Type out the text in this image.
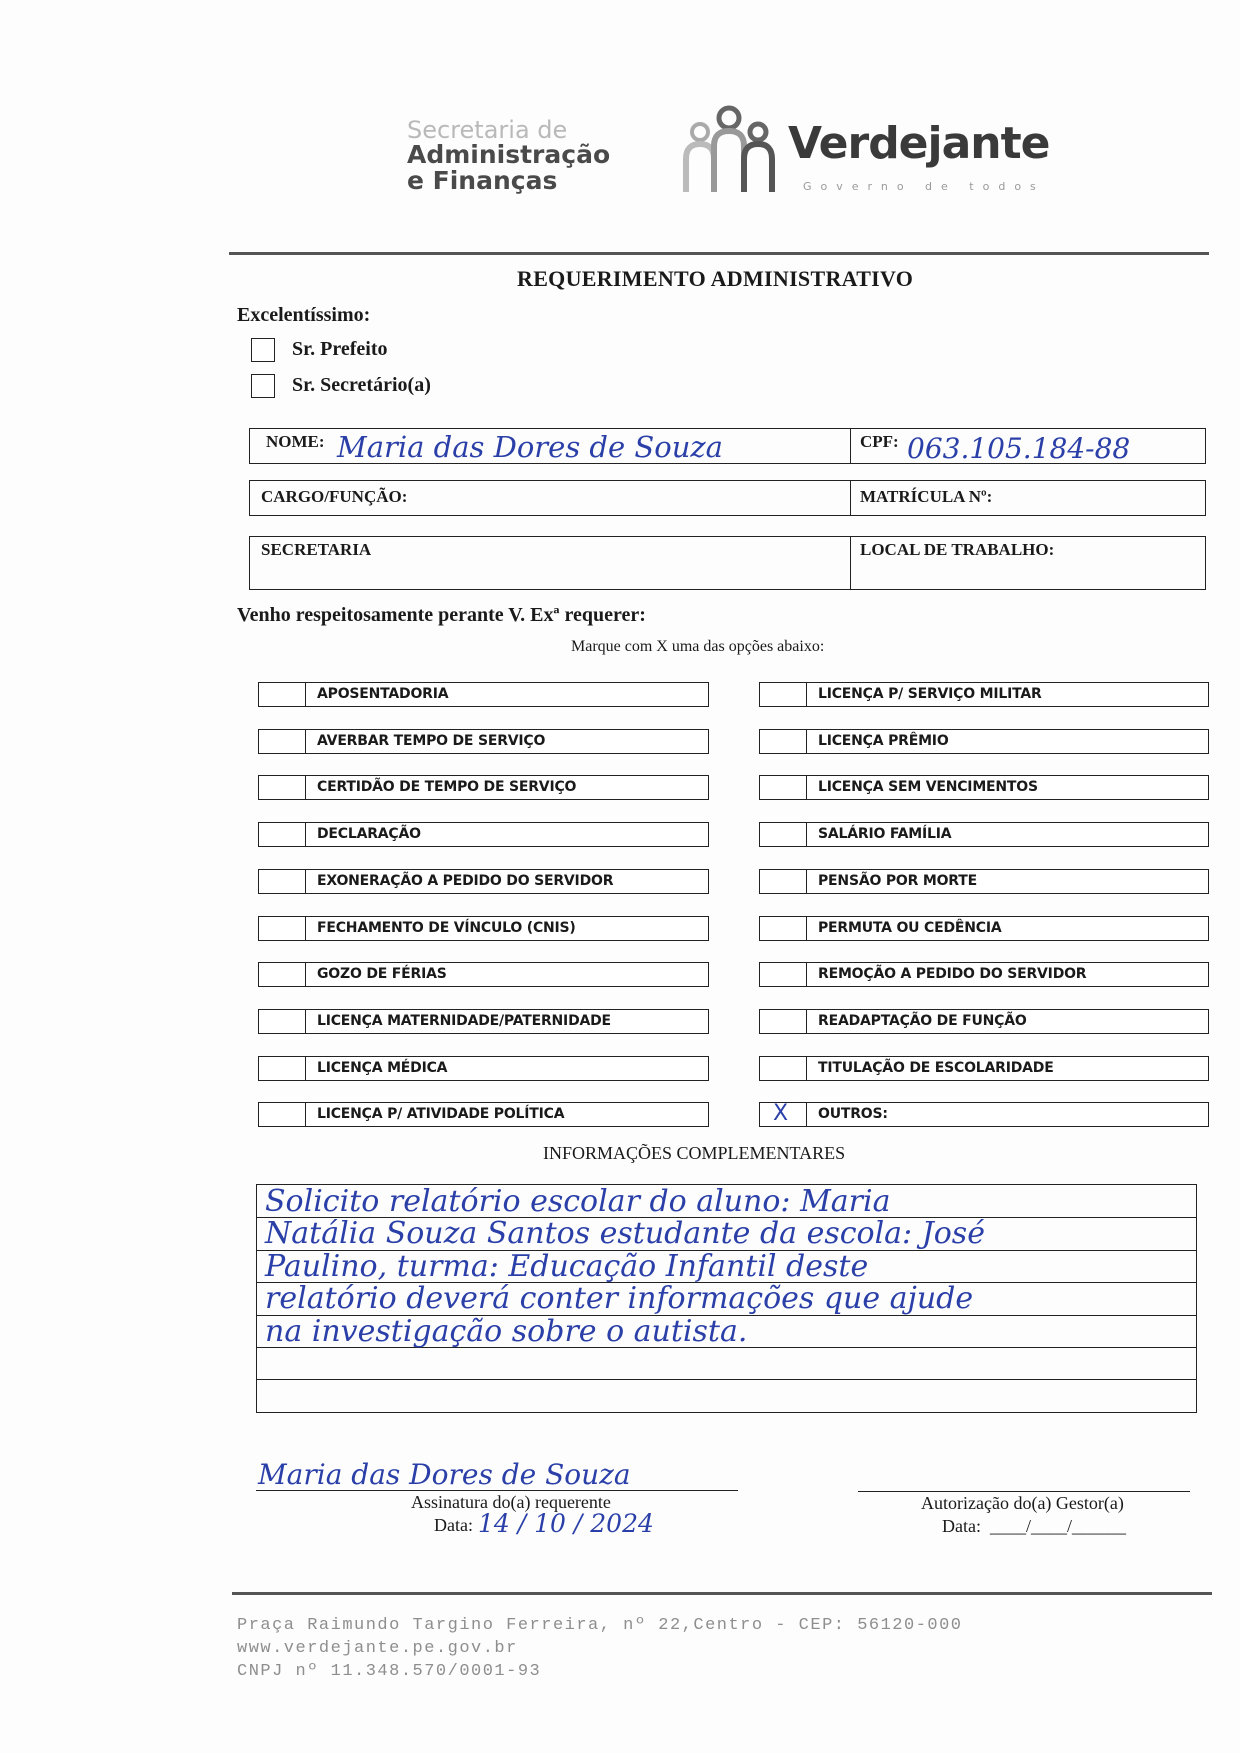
Secretaria de
Administração
e Finanças
Verdejante
Governo de todos
REQUERIMENTO ADMINISTRATIVO
Excelentíssimo:
Sr. Prefeito
Sr. Secretário(a)
NOME: Maria das Dores de Souza	CPF: 063.105.184-88
CARGO/FUNÇÃO:	MATRÍCULA Nº:
SECRETARIA	LOCAL DE TRABALHO:
Venho respeitosamente perante V. Exª requerer:
Marque com X uma das opções abaixo:
APOSENTADORIA
AVERBAR TEMPO DE SERVIÇO
CERTIDÃO DE TEMPO DE SERVIÇO
DECLARAÇÃO
EXONERAÇÃO A PEDIDO DO SERVIDOR
FECHAMENTO DE VÍNCULO (CNIS)
GOZO DE FÉRIAS
LICENÇA MATERNIDADE/PATERNIDADE
LICENÇA MÉDICA
LICENÇA P/ ATIVIDADE POLÍTICA
LICENÇA P/ SERVIÇO MILITAR
LICENÇA PRÊMIO
LICENÇA SEM VENCIMENTOS
SALÁRIO FAMÍLIA
PENSÃO POR MORTE
PERMUTA OU CEDÊNCIA
REMOÇÃO A PEDIDO DO SERVIDOR
READAPTAÇÃO DE FUNÇÃO
TITULAÇÃO DE ESCOLARIDADE
X OUTROS:
INFORMAÇÕES COMPLEMENTARES
Solicito relatório escolar do aluno: Maria
Natália Souza Santos estudante da escola: José
Paulino, turma: Educação Infantil deste
relatório deverá conter informações que ajude
na investigação sobre o autista.
Maria das Dores de Souza
Assinatura do(a) requerente
Data: 14 / 10 / 2024
Autorização do(a) Gestor(a)
Data: ____/____/______
Praça Raimundo Targino Ferreira, nº 22,Centro - CEP: 56120-000
www.verdejante.pe.gov.br
CNPJ nº 11.348.570/0001-93
